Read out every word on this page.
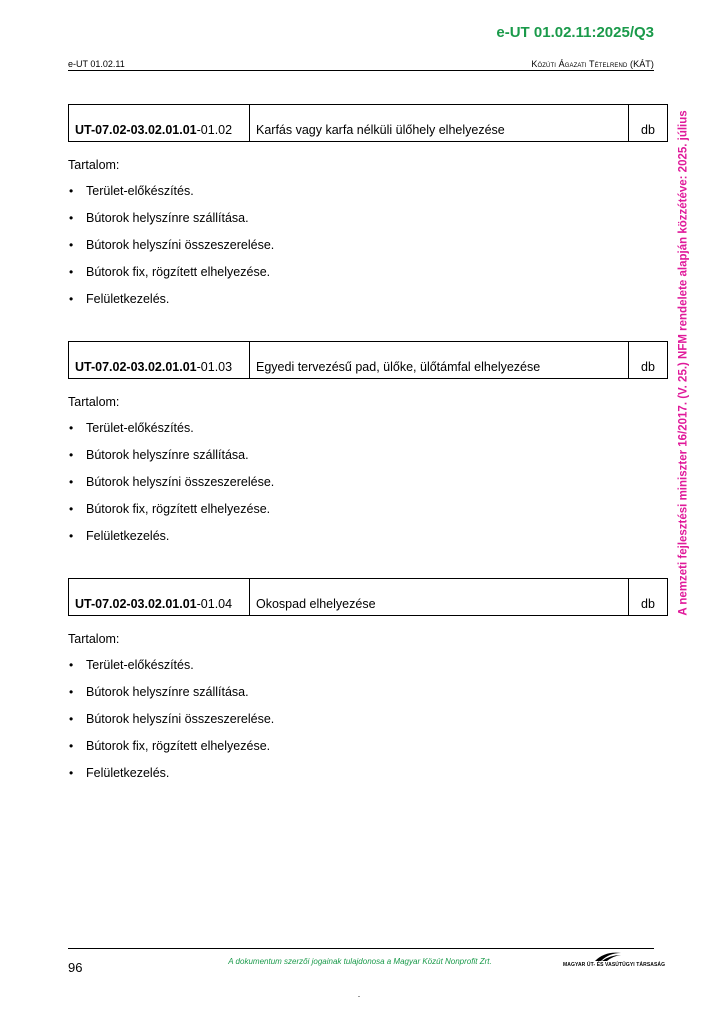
e-UT 01.02.11:2025/Q3
e-UT 01.02.11	Közúti Ágazati Tételrend (KÁT)
A nemzeti fejlesztési miniszter 16/2017. (V. 25.) NFM rendelete alapján közzétéve: 2025. július
UT-07.02-03.02.01.01-01.02	Karfás vagy karfa nélküli ülőhely elhelyezése	db
Tartalom:
• Terület-előkészítés.
• Bútorok helyszínre szállítása.
• Bútorok helyszíni összeszerelése.
• Bútorok fix, rögzített elhelyezése.
• Felületkezelés.
UT-07.02-03.02.01.01-01.03	Egyedi tervezésű pad, ülőke, ülőtámfal elhelyezése	db
Tartalom:
• Terület-előkészítés.
• Bútorok helyszínre szállítása.
• Bútorok helyszíni összeszerelése.
• Bútorok fix, rögzített elhelyezése.
• Felületkezelés.
UT-07.02-03.02.01.01-01.04	Okospad elhelyezése	db
Tartalom:
• Terület-előkészítés.
• Bútorok helyszínre szállítása.
• Bútorok helyszíni összeszerelése.
• Bútorok fix, rögzített elhelyezése.
• Felületkezelés.
96	A dokumentum szerzői jogainak tulajdonosa a Magyar Közút Nonprofit Zrt.	MAGYAR ÚT- ÉS VASÚTÜGYI TÁRSASÁG
